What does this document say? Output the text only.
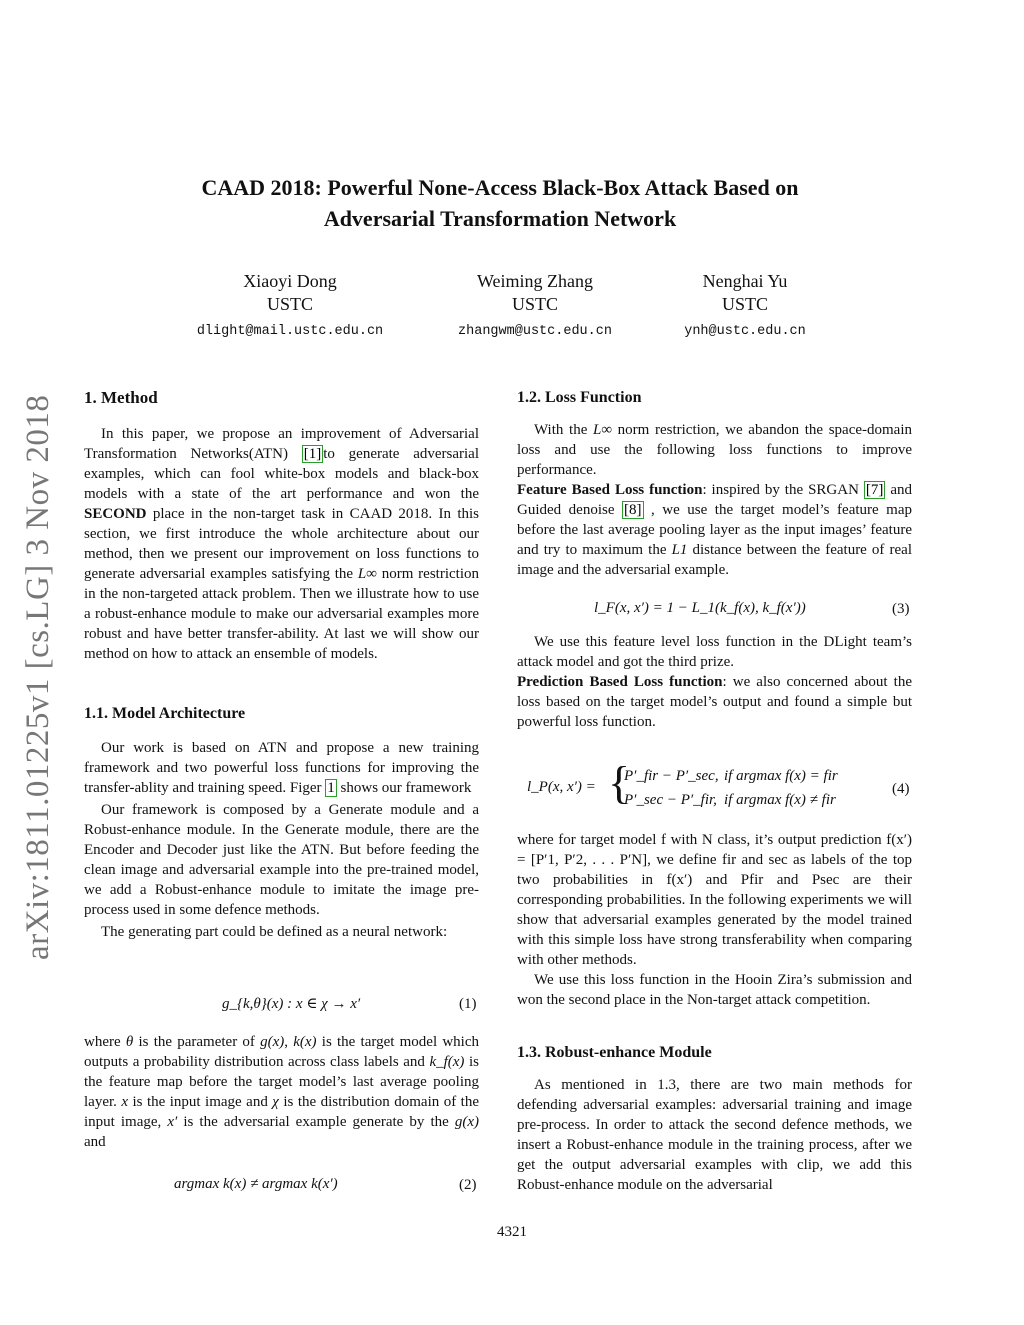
arXiv:1811.01225v1 [cs.LG] 3 Nov 2018
CAAD 2018: Powerful None-Access Black-Box Attack Based on
Adversarial Transformation Network
Xiaoyi Dong
USTC
dlight@mail.ustc.edu.cn
Weiming Zhang
USTC
zhangwm@ustc.edu.cn
Nenghai Yu
USTC
ynh@ustc.edu.cn
1. Method

In this paper, we propose an improvement of Adversarial Transformation Networks(ATN) [1] to generate adversarial examples, which can fool white-box models and black-box models with a state of the art performance and won the SECOND place in the non-target task in CAAD 2018. In this section, we first introduce the whole architecture about our method, then we present our improvement on loss functions to generate adversarial examples satisfying the L∞ norm restriction in the non-targeted attack problem. Then we illustrate how to use a robust-enhance module to make our adversarial examples more robust and have better transfer-ability. At last we will show our method on how to attack an ensemble of models.

1.1. Model Architecture

Our work is based on ATN and propose a new training framework and two powerful loss functions for improving the transfer-ablity and training speed. Figer 1 shows our framework

Our framework is composed by a Generate module and a Robust-enhance module. In the Generate module, there are the Encoder and Decoder just like the ATN. But before feeding the clean image and adversarial example into the pre-trained model, we add a Robust-enhance module to imitate the image pre-process used in some defence methods.

The generating part could be defined as a neural network:

g_{k,θ}(x) : x ∈ χ → x′	(1)

where θ is the parameter of g(x), k(x) is the target model which outputs a probability distribution across class labels and k_f(x) is the feature map before the target model’s last average pooling layer. x is the input image and χ is the distribution domain of the input image, x′ is the adversarial example generate by the g(x) and

argmax k(x) ≠ argmax k(x′)	(2)
1.2. Loss Function

With the L∞ norm restriction, we abandon the space-domain loss and use the following loss functions to improve performance.

Feature Based Loss function: inspired by the SRGAN [7] and Guided denoise [8] , we use the target model’s feature map before the last average pooling layer as the input images’ feature and try to maximum the L1 distance between the feature of real image and the adversarial example.

l_F(x, x′) = 1 − L_1(k_f(x), k_f(x′))	(3)

We use this feature level loss function in the DLight team’s attack model and got the third prize.

Prediction Based Loss function: we also concerned about the loss based on the target model’s output and found a simple but powerful loss function.

l_P(x, x′) = {
P′_fir − P′_sec, if argmax f(x) = fir
P′_sec − P′_fir, if argmax f(x) ≠ fir
(4)

where for target model f with N class, it’s output prediction f(x′) = [P′1, P′2, . . . P′N], we define fir and sec as labels of the top two probabilities in f(x′) and Pfir and Psec are their corresponding probabilities. In the following experiments we will show that adversarial examples generated by the model trained with this simple loss have strong transferability when comparing with other methods.

We use this loss function in the Hooin Zira’s submission and won the second place in the Non-target attack competition.

1.3. Robust-enhance Module

As mentioned in 1.3, there are two main methods for defending adversarial examples: adversarial training and image pre-process. In order to attack the second defence methods, we insert a Robust-enhance module in the training process, after we get the output adversarial examples with clip, we add this Robust-enhance module on the adversarial

4321
